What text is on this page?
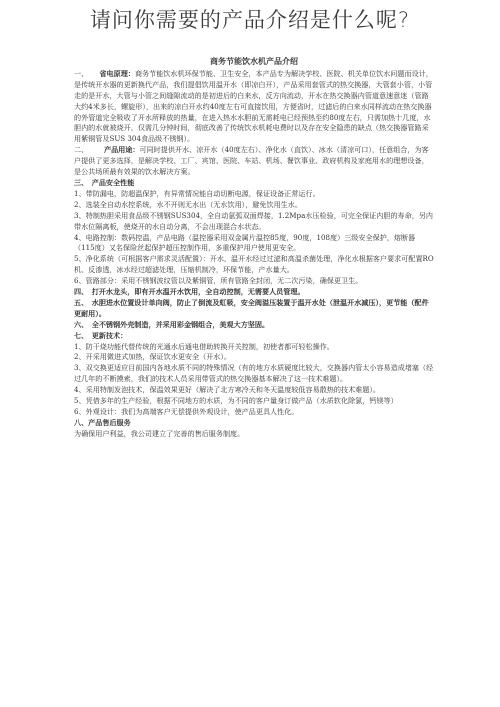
请问你需要的产品介绍是什么呢?
商务节能饮水机产品介绍

一、 省电原理：商务节能饮水机环保节能、卫生安全，本产品专为解决学校、医院、机关单位饮水问题而设计，是传统开水器的更新换代产品，我们提倡饮用温开水（即凉白开），产品采用套管式的热交换器，大管套小管，小管走的是开水，大管与小管之间缝隙流动的是初进后的白来水，反方向流动，开水在热交换器内管道意速意迷（管路大约4米多长，螺旋形），出来的凉白开水约40度左右可直接饮用，方便省时，过滤后的白来水同样流动在热交换器的外管道完全吸收了开水所释放的热量，在进入热水水胆前无需耗电已经预热至约80度左右，只需加热十几度，水胆内的水就被烧开，仅需几分钟时间，彻底改善了传统饮水机耗电费时以及存在安全隐患的缺点（热交换器管路采用紫铜管及SUS 304食品级不锈钢）。

二、 产品用途：可同时提供开水、凉开水（40度左右）、净化水（直饮）、冰水（清凉可口），任意组合，为客户提供了更多选择，是解决学校、工厂、宾馆、医院、车站、机场、餐饮事业、政府机构及家庭用水的理想设备，是公共场所最有效果的饮水解决方案。

三、　产品安全性能

1、带防漏电，防超温保护，有异常情况能自动切断电源，保证设备正常运行。

2、选装全自动水控系统，水不开则无水出（无水饮用），避免饮用生水。

3、特制热胆采用食品级不锈钢SUS304，全自动氩弧双面焊接，1.2Mpa水压检验，可完全保证内胆的寿命，另内带水位隔离板，使烧开的水自动分离，不会出现混合水状态。

4、电路控制：数码控温，产品电路（温控器采用双金属片温控85度，90度，108度）三级安全保护，熔断器（115度）又名保险丝起保护超压控制作用，多重保护用户使用更安全。

5、净化系统（可根据客户需求灵活配置）：开水，温开水经过过滤和高温杀菌处理，净化水根据客户要求可配置RO机、反渗透，冰水经过超滤处理，压缩机制冷，环保节能，产水量大。

6、管路部分：采用不锈钢波纹管以及紫铜管，所有管路全封闭，无二次污染，确保更卫生。

四、　打开水龙头，即有开水温开水饮用，全自动控制，无需要人员管理。

五、　水胆进水位置设计单向阀，防止了倒流及虹吸，安全阀溢压装置于温开水处（泄温开水减压），更节能（配件更耐用）。

六、　全不锈钢外壳制造，并采用彩金钢组合，美观大方坚固。

七、　更新技术：

1、防干烧功能代替传统的光通水后通电借助转换开关控制，初使者都可轻松操作。

2、开采用微进式加热，保证饮水更安全（开水）。

3、双交换更适应目前国内各地水质不同的特殊情况（有的地方水质硬度比较大，交换器内管太小容易造成堵塞（经过几年的不断摸索，我们的技术人员采用带管式的热交换器基本解决了这一技术难题）。

4、采用特制发泡技术，保温效果更好（解决了北方寒冷天和冬天温度较低容易散热的技术难题）。

5、凭借多年的生产经验，根据不同地方的水质，为不同的客户量身订做产品（水质软化除氯，钙镁等）

6、外观设计：我们为高端客户无偿提供外观设计，使产品更具人性化。

八、产品售后服务

为确保用户利益，我公司建立了完善的售后服务制度。
